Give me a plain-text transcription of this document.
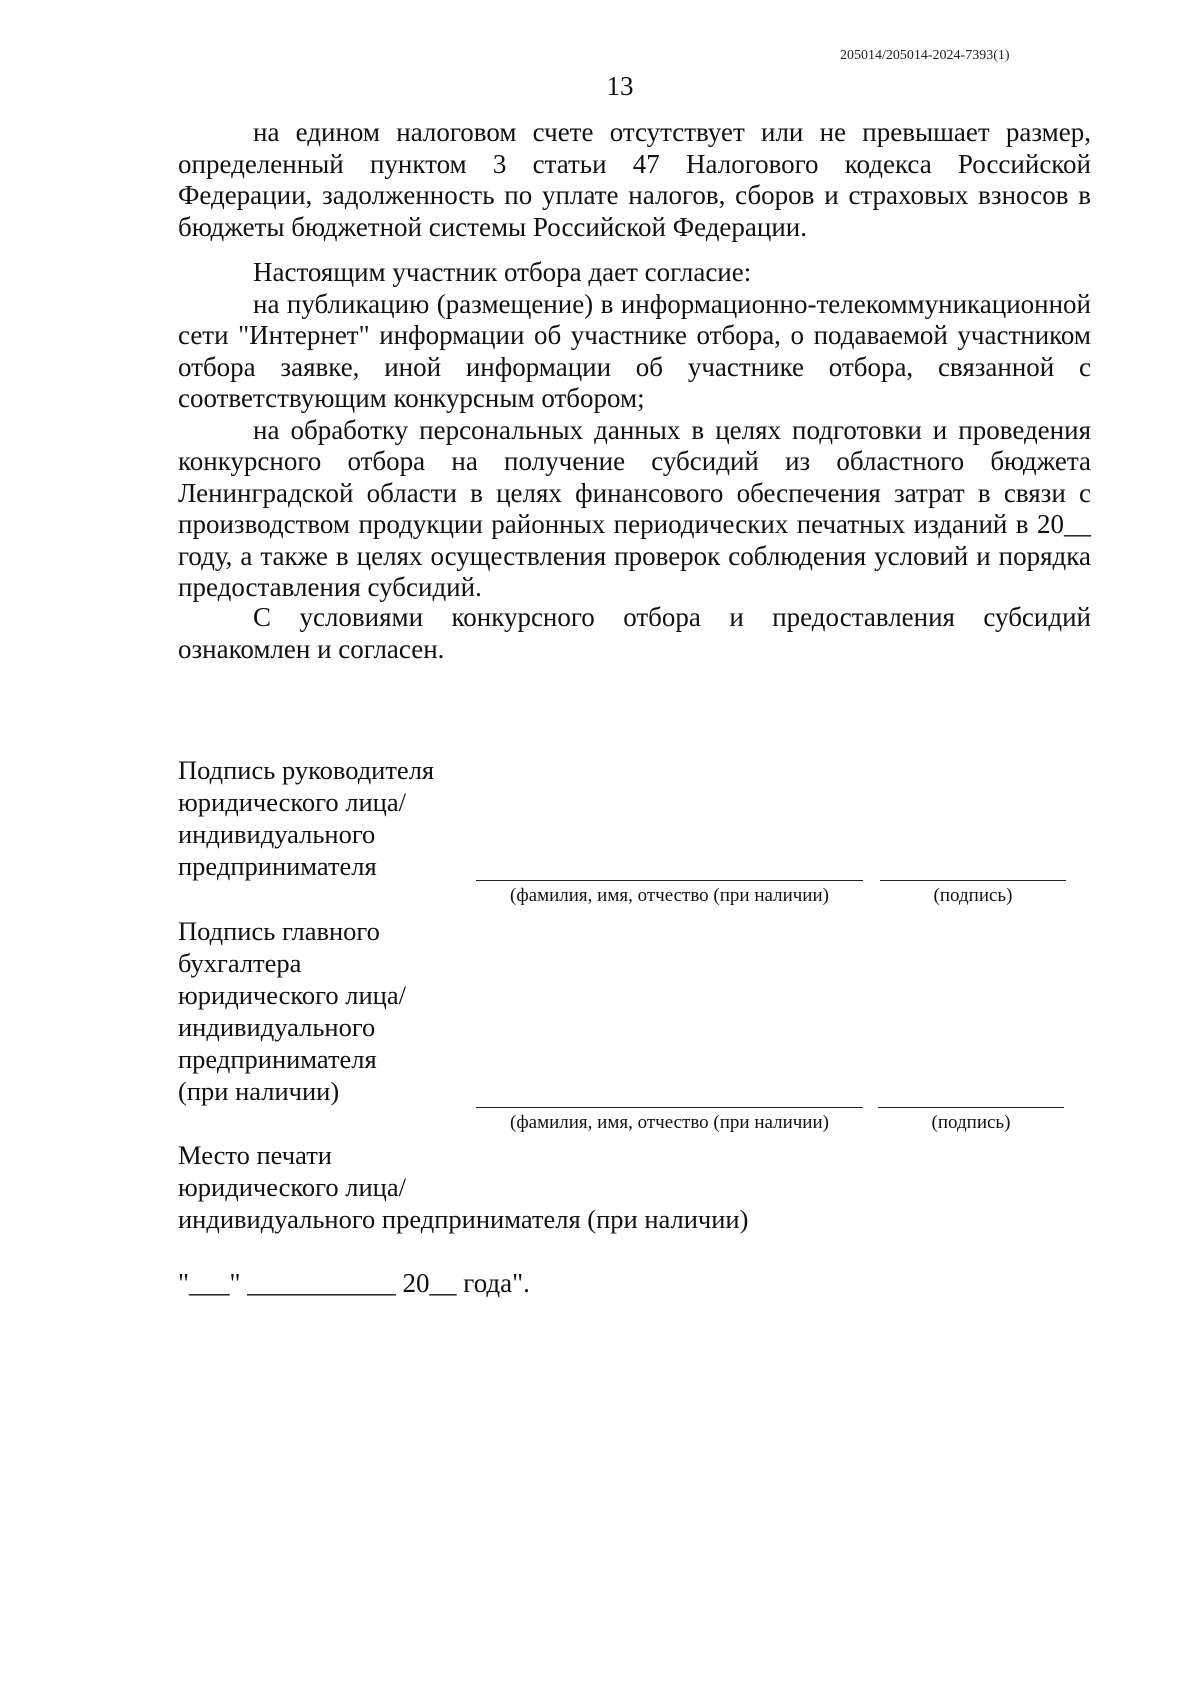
205014/205014-2024-7393(1)
13

на едином налоговом счете отсутствует или не превышает размер, определенный пунктом 3 статьи 47 Налогового кодекса Российской Федерации, задолженность по уплате налогов, сборов и страховых взносов в бюджеты бюджетной системы Российской Федерации.

Настоящим участник отбора дает согласие:

на публикацию (размещение) в информационно-телекоммуникационной сети "Интернет" информации об участнике отбора, о подаваемой участником отбора заявке, иной информации об участнике отбора, связанной с соответствующим конкурсным отбором;

на обработку персональных данных в целях подготовки и проведения конкурсного отбора на получение субсидий из областного бюджета Ленинградской области в целях финансового обеспечения затрат в связи с производством продукции районных периодических печатных изданий в 20__ году, а также в целях осуществления проверок соблюдения условий и порядка предоставления субсидий.

С условиями конкурсного отбора и предоставления субсидий ознакомлен и согласен.

Подпись руководителя
юридического лица/
индивидуального
предпринимателя
(фамилия, имя, отчество (при наличии)	(подпись)
Подпись главного
бухгалтера
юридического лица/
индивидуального
предпринимателя
(при наличии)
(фамилия, имя, отчество (при наличии)	(подпись)
Место печати
юридического лица/
индивидуального предпринимателя (при наличии)
"___" ___________ 20__ года".
